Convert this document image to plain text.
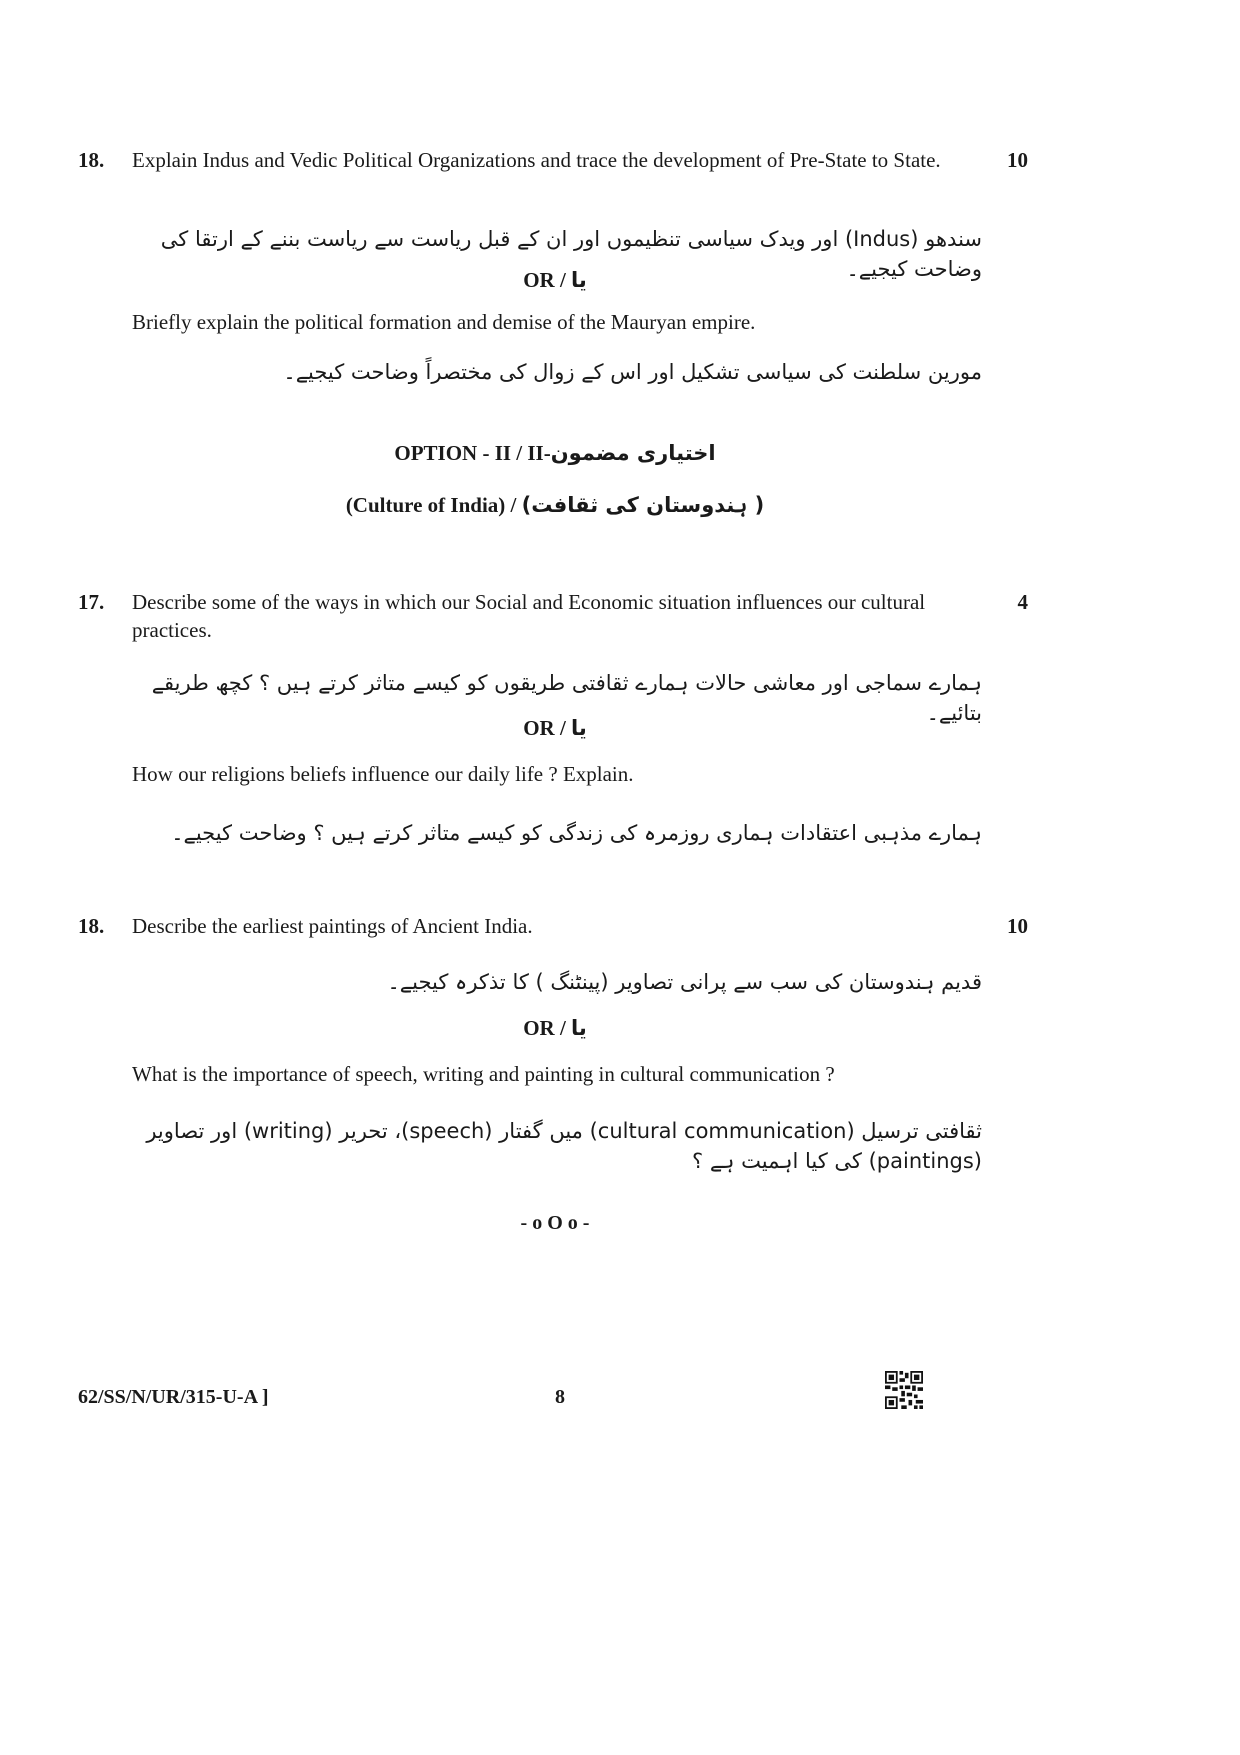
18. Explain Indus and Vedic Political Organizations and trace the development of Pre-State to State.	10
سندھو (Indus) اور ویدک سیاسی تنظیموں اور ان کے قبل ریاست سے ریاست بننے کے ارتقا کی وضاحت کیجیے۔
OR / یا
Briefly explain the political formation and demise of the Mauryan empire.
مورین سلطنت کی سیاسی تشکیل اور اس کے زوال کی مختصراً وضاحت کیجیے۔
OPTION - II / II-اختیاری مضمون
(Culture of India) / (ہندوستان کی ثقافت )
17. Describe some of the ways in which our Social and Economic situation influences our cultural practices.
4
ہمارے سماجی اور معاشی حالات ہمارے ثقافتی طریقوں کو کیسے متاثر کرتے ہیں ؟ کچھ طریقے بتائیے۔
OR / یا
How our religions beliefs influence our daily life ? Explain.
ہمارے مذہبی اعتقادات ہماری روزمرہ کی زندگی کو کیسے متاثر کرتے ہیں ؟ وضاحت کیجیے۔
18. Describe the earliest paintings of Ancient India.	10
قدیم ہندوستان کی سب سے پرانی تصاویر (پینٹنگ ) کا تذکرہ کیجیے۔
OR / یا
What is the importance of speech, writing and painting in cultural communication ?
ثقافتی ترسیل (cultural communication) میں گفتار (speech)، تحریر (writing) اور تصاویر (paintings) کی کیا اہمیت ہے ؟
- o O o -
62/SS/N/UR/315-U-A ]	8
